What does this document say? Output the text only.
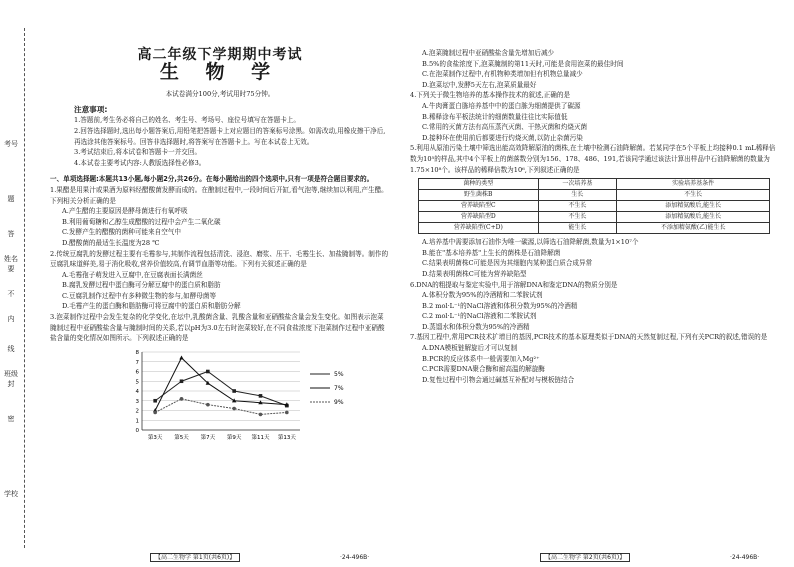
考号
题
答
要
不
内
线
封
密
姓名
班级
学校
高二年级下学期期中考试
生 物 学
本试卷满分100分,考试用时75分钟。
注意事项:

1.答题前,考生务必将自己的姓名、考生号、考场号、座位号填写在答题卡上。

2.回答选择题时,选出每小题答案后,用铅笔把答题卡上对应题目的答案标号涂黑。如需改动,用橡皮擦干净后,再选涂其他答案标号。回答非选择题时,将答案写在答题卡上。写在本试卷上无效。

3.考试结束后,将本试卷和答题卡一并交回。

4.本试卷主要考试内容:人教版选择性必修3。

一、单项选择题:本题共13小题,每小题2分,共26分。在每小题给出的四个选项中,只有一项是符合题目要求的。

1.果醋是用果汁或果酒为原料经醋酸菌发酵而成的。在酿制过程中,一段时间后开缸,看气泡等,继续加以利用,产生醋。下列相关分析正确的是

A.产生醋的主要原因是酵母菌进行有氧呼吸

B.利用葡萄糖和乙醇生成醋酸的过程中会产生二氧化碳

C.发酵产生的醋酸的菌种可能来自空气中

D.醋酸菌的最适生长温度为28 ℃

2.传统豆腐乳的发酵过程主要有毛霉参与,其制作流程包括清洗、浸泡、磨浆、压干、毛霉生长、加盐腌制等。制作的豆腐乳味道鲜美,易于消化吸收,营养价值较高,有调节血脂等功能。下列有关叙述正确的是

A.毛霉孢子萌发进入豆腐中,在豆腐表面长满菌丝

B.腐乳发酵过程中蛋白酶可分解豆腐中的蛋白质和脂肪

C.豆腐乳制作过程中有多种微生物的参与,如酵母菌等

D.毛霉产生的蛋白酶和脂肪酶可将豆腐中的蛋白质和脂肪分解

3.泡菜制作过程中会发生复杂的化学变化,在坛中,乳酸菌含量、乳酸含量和亚硝酸盐含量会发生变化。如图表示泡菜腌制过程中亚硝酸盐含量与腌制时间的关系,若以pH为3.0左右时泡菜较好,在不同食盐浓度下泡菜制作过程中亚硝酸盐含量的变化情况如图所示。下列叙述正确的是

0
1
2
3
4
5
6
7
8
第3天 第5天 第7天 第9天 第11天 第13天
5%
7%
9%

A.泡菜腌制过程中亚硝酸盐含量先增加后减少

B.5%的食盐浓度下,泡菜腌制的第11天时,可能是食用泡菜的最佳时间

C.在泡菜制作过程中,有机物种类增加但有机物总量减少

D.泡菜坛中,发酵5天左右,泡菜质量最好

4.下列关于微生物培养的基本操作技术的叙述,正确的是

A.牛肉膏蛋白胨培养基中中的蛋白胨为细菌提供了碳源

B.稀释涂布平板法统计的细菌数量往往比实际值低

C.常用的灭菌方法有高压蒸汽灭菌、干热灭菌和灼烧灭菌

D.接种环在使用前后都要进行灼烧灭菌,以防止杂菌污染

5.利用从原油污染土壤中筛选出能高效降解原油的菌株,在土壤中检测石油降解菌。若某同学在5个平板上均接种0.1 mL稀释倍数为10⁵的样品,其中4个平板上的菌落数分别为156、178、486、191,若该同学通过该法计算出样品中石油降解菌的数量为1.75×10⁸个。该样品的稀释倍数为10⁶,下列叙述正确的是

菌种的类型	一次培养基	实验培养基条件
野生菌株B	生长	不生长
营养缺陷型C	不生长	添加精氨酸后,能生长
营养缺陷型D	不生长	添加精氨酸后,能生长
营养缺陷型(C+D)	能生长	不添加精氨酸(乙)能生长

A.培养基中需要添加石油作为唯一碳源,以筛选石油降解菌,数量为1×10⁷个

B.能在"基本培养基"上生长的菌株是石油降解菌

C.结果表明菌株C可能是因为其细胞内某种蛋白质合成异常

D.结果表明菌株C可能为营养缺陷型

6.DNA的粗提取与鉴定实验中,用于溶解DNA和鉴定DNA的物质分别是

A.体积分数为95%的冷酒精和二苯胺试剂

B.2 mol·L⁻¹的NaCl溶液和体积分数为95%的冷酒精

C.2 mol·L⁻¹的NaCl溶液和二苯胺试剂

D.蒸馏水和体积分数为95%的冷酒精

7.基因工程中,常用PCR技术扩增目的基因,PCR技术的基本原理类似于DNA的天然复制过程,下列有关PCR的叙述,错误的是

A.DNA模板链解旋后才可以复制

B.PCR的反应体系中一般需要加入Mg²⁺

C.PCR需要DNA聚合酶和耐高温的解旋酶

D.复性过程中引物会通过碱基互补配对与模板链结合

【高二生物学 第1页(共6页)】	·24-496B·	【高二生物学 第2页(共6页)】	·24-496B·
